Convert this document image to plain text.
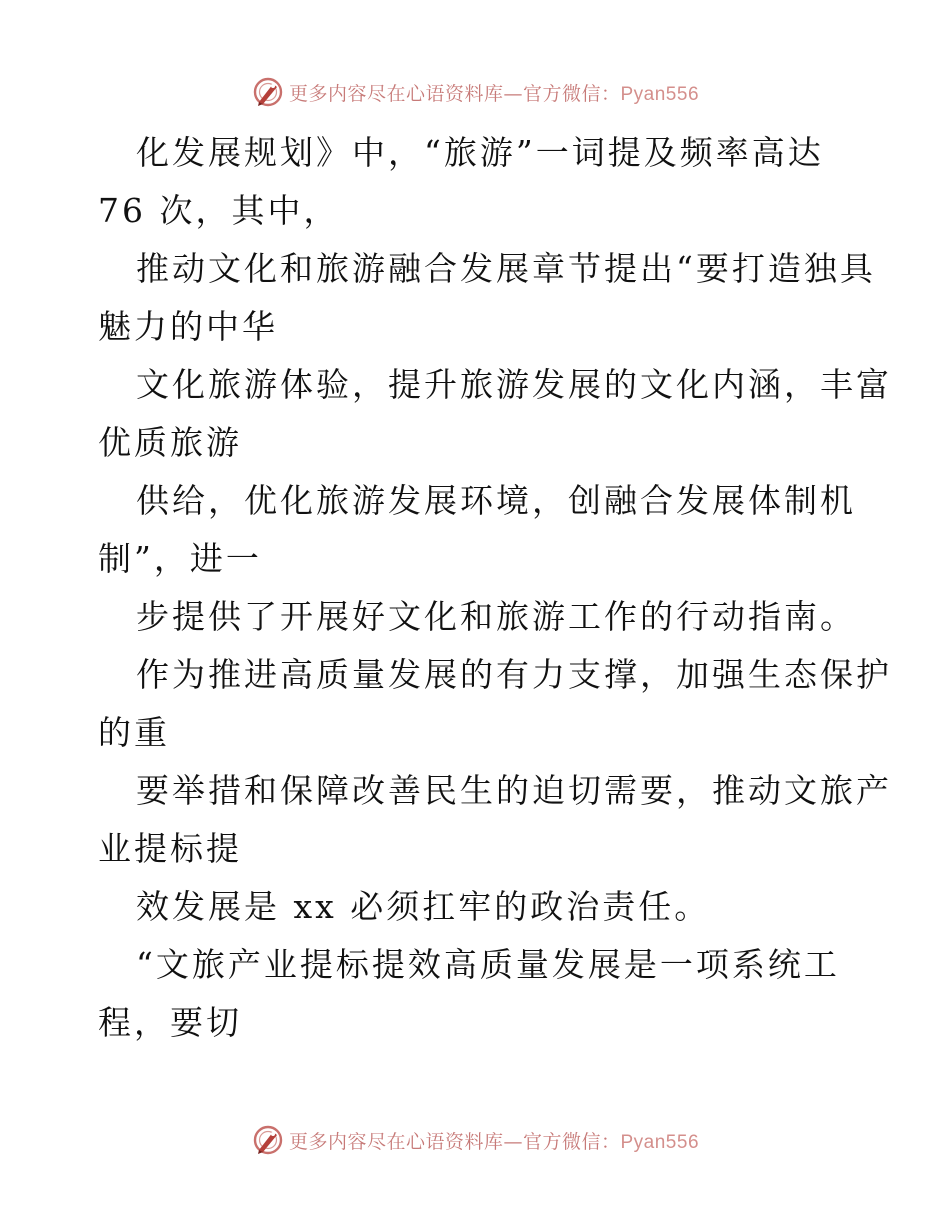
更多内容尽在心语资料库—官方微信：Pyan556
化发展规划》中，“旅游”一词提及频率高达
76 次，其中，
推动文化和旅游融合发展章节提出“要打造独具
魅力的中华
文化旅游体验，提升旅游发展的文化内涵，丰富
优质旅游
供给，优化旅游发展环境，创融合发展体制机
制”，进一
步提供了开展好文化和旅游工作的行动指南。
作为推进高质量发展的有力支撑，加强生态保护
的重
要举措和保障改善民生的迫切需要，推动文旅产
业提标提
效发展是 xx 必须扛牢的政治责任。
“文旅产业提标提效高质量发展是一项系统工
程，要切
更多内容尽在心语资料库—官方微信：Pyan556
